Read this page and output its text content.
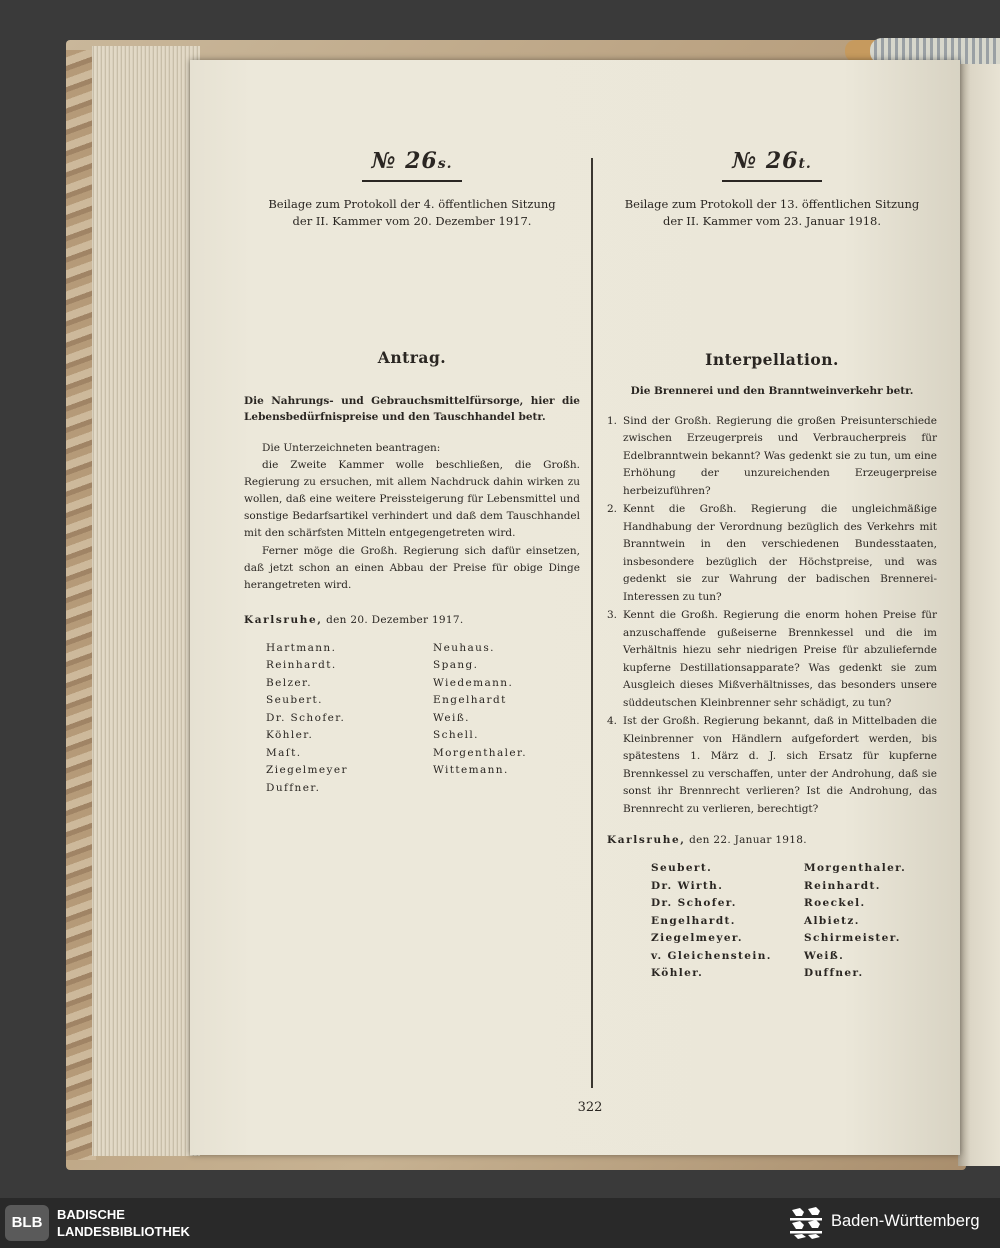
№ 26s.
Beilage zum Protokoll der 4. öffentlichen Sitzung
der II. Kammer vom 20. Dezember 1917.
Antrag.
Die Nahrungs- und Gebrauchsmittelfürsorge, hier die Lebensbedürfnispreise und den Tauschhandel betr.
Die Unterzeichneten beantragen:
die Zweite Kammer wolle beschließen, die Großh. Regierung zu ersuchen, mit allem Nachdruck dahin wirken zu wollen, daß eine weitere Preissteigerung für Lebensmittel und sonstige Bedarfsartikel verhindert und daß dem Tauschhandel mit den schärfsten Mitteln entgegengetreten wird.
Ferner möge die Großh. Regierung sich dafür einsetzen, daß jetzt schon an einen Abbau der Preise für obige Dinge herangetreten wird.
Karlsruhe, den 20. Dezember 1917.
Hartmann.
Reinhardt.
Belzer.
Seubert.
Dr. Schofer.
Köhler.
Maſt.
Ziegelmeyer
Duffner.
Neuhaus.
Spang.
Wiedemann.
Engelhardt
Weiß.
Schell.
Morgenthaler.
Wittemann.
№ 26t.
Beilage zum Protokoll der 13. öffentlichen Sitzung
der II. Kammer vom 23. Januar 1918.
Interpellation.
Die Brennerei und den Branntweinverkehr betr.
1. Sind der Großh. Regierung die großen Preisunterschiede zwischen Erzeugerpreis und Verbraucherpreis für Edelbranntwein bekannt? Was gedenkt sie zu tun, um eine Erhöhung der unzureichenden Erzeugerpreise herbeizuführen?
2. Kennt die Großh. Regierung die ungleichmäßige Handhabung der Verordnung bezüglich des Verkehrs mit Branntwein in den verschiedenen Bundesstaaten, insbesondere bezüglich der Höchstpreise, und was gedenkt sie zur Wahrung der badischen Brennerei-Interessen zu tun?
3. Kennt die Großh. Regierung die enorm hohen Preise für anzuschaffende gußeiserne Brennkessel und die im Verhältnis hiezu sehr niedrigen Preise für abzuliefernde kupferne Destillationsapparate? Was gedenkt sie zum Ausgleich dieses Mißverhältnisses, das besonders unsere süddeutschen Kleinbrenner sehr schädigt, zu tun?
4. Ist der Großh. Regierung bekannt, daß in Mittelbaden die Kleinbrenner von Händlern aufgefordert werden, bis spätestens 1. März d. J. sich Ersatz für kupferne Brennkessel zu verschaffen, unter der Androhung, daß sie sonst ihr Brennrecht verlieren? Ist die Androhung, das Brennrecht zu verlieren, berechtigt?
Karlsruhe, den 22. Januar 1918.
Seubert.
Dr. Wirth.
Dr. Schofer.
Engelhardt.
Ziegelmeyer.
v. Gleichenstein.
Köhler.
Morgenthaler.
Reinhardt.
Roeckel.
Albietz.
Schirmeister.
Weiß.
Duffner.
322
BLB	BADISCHE
LANDESBIBLIOTHEK
Baden-Württemberg
